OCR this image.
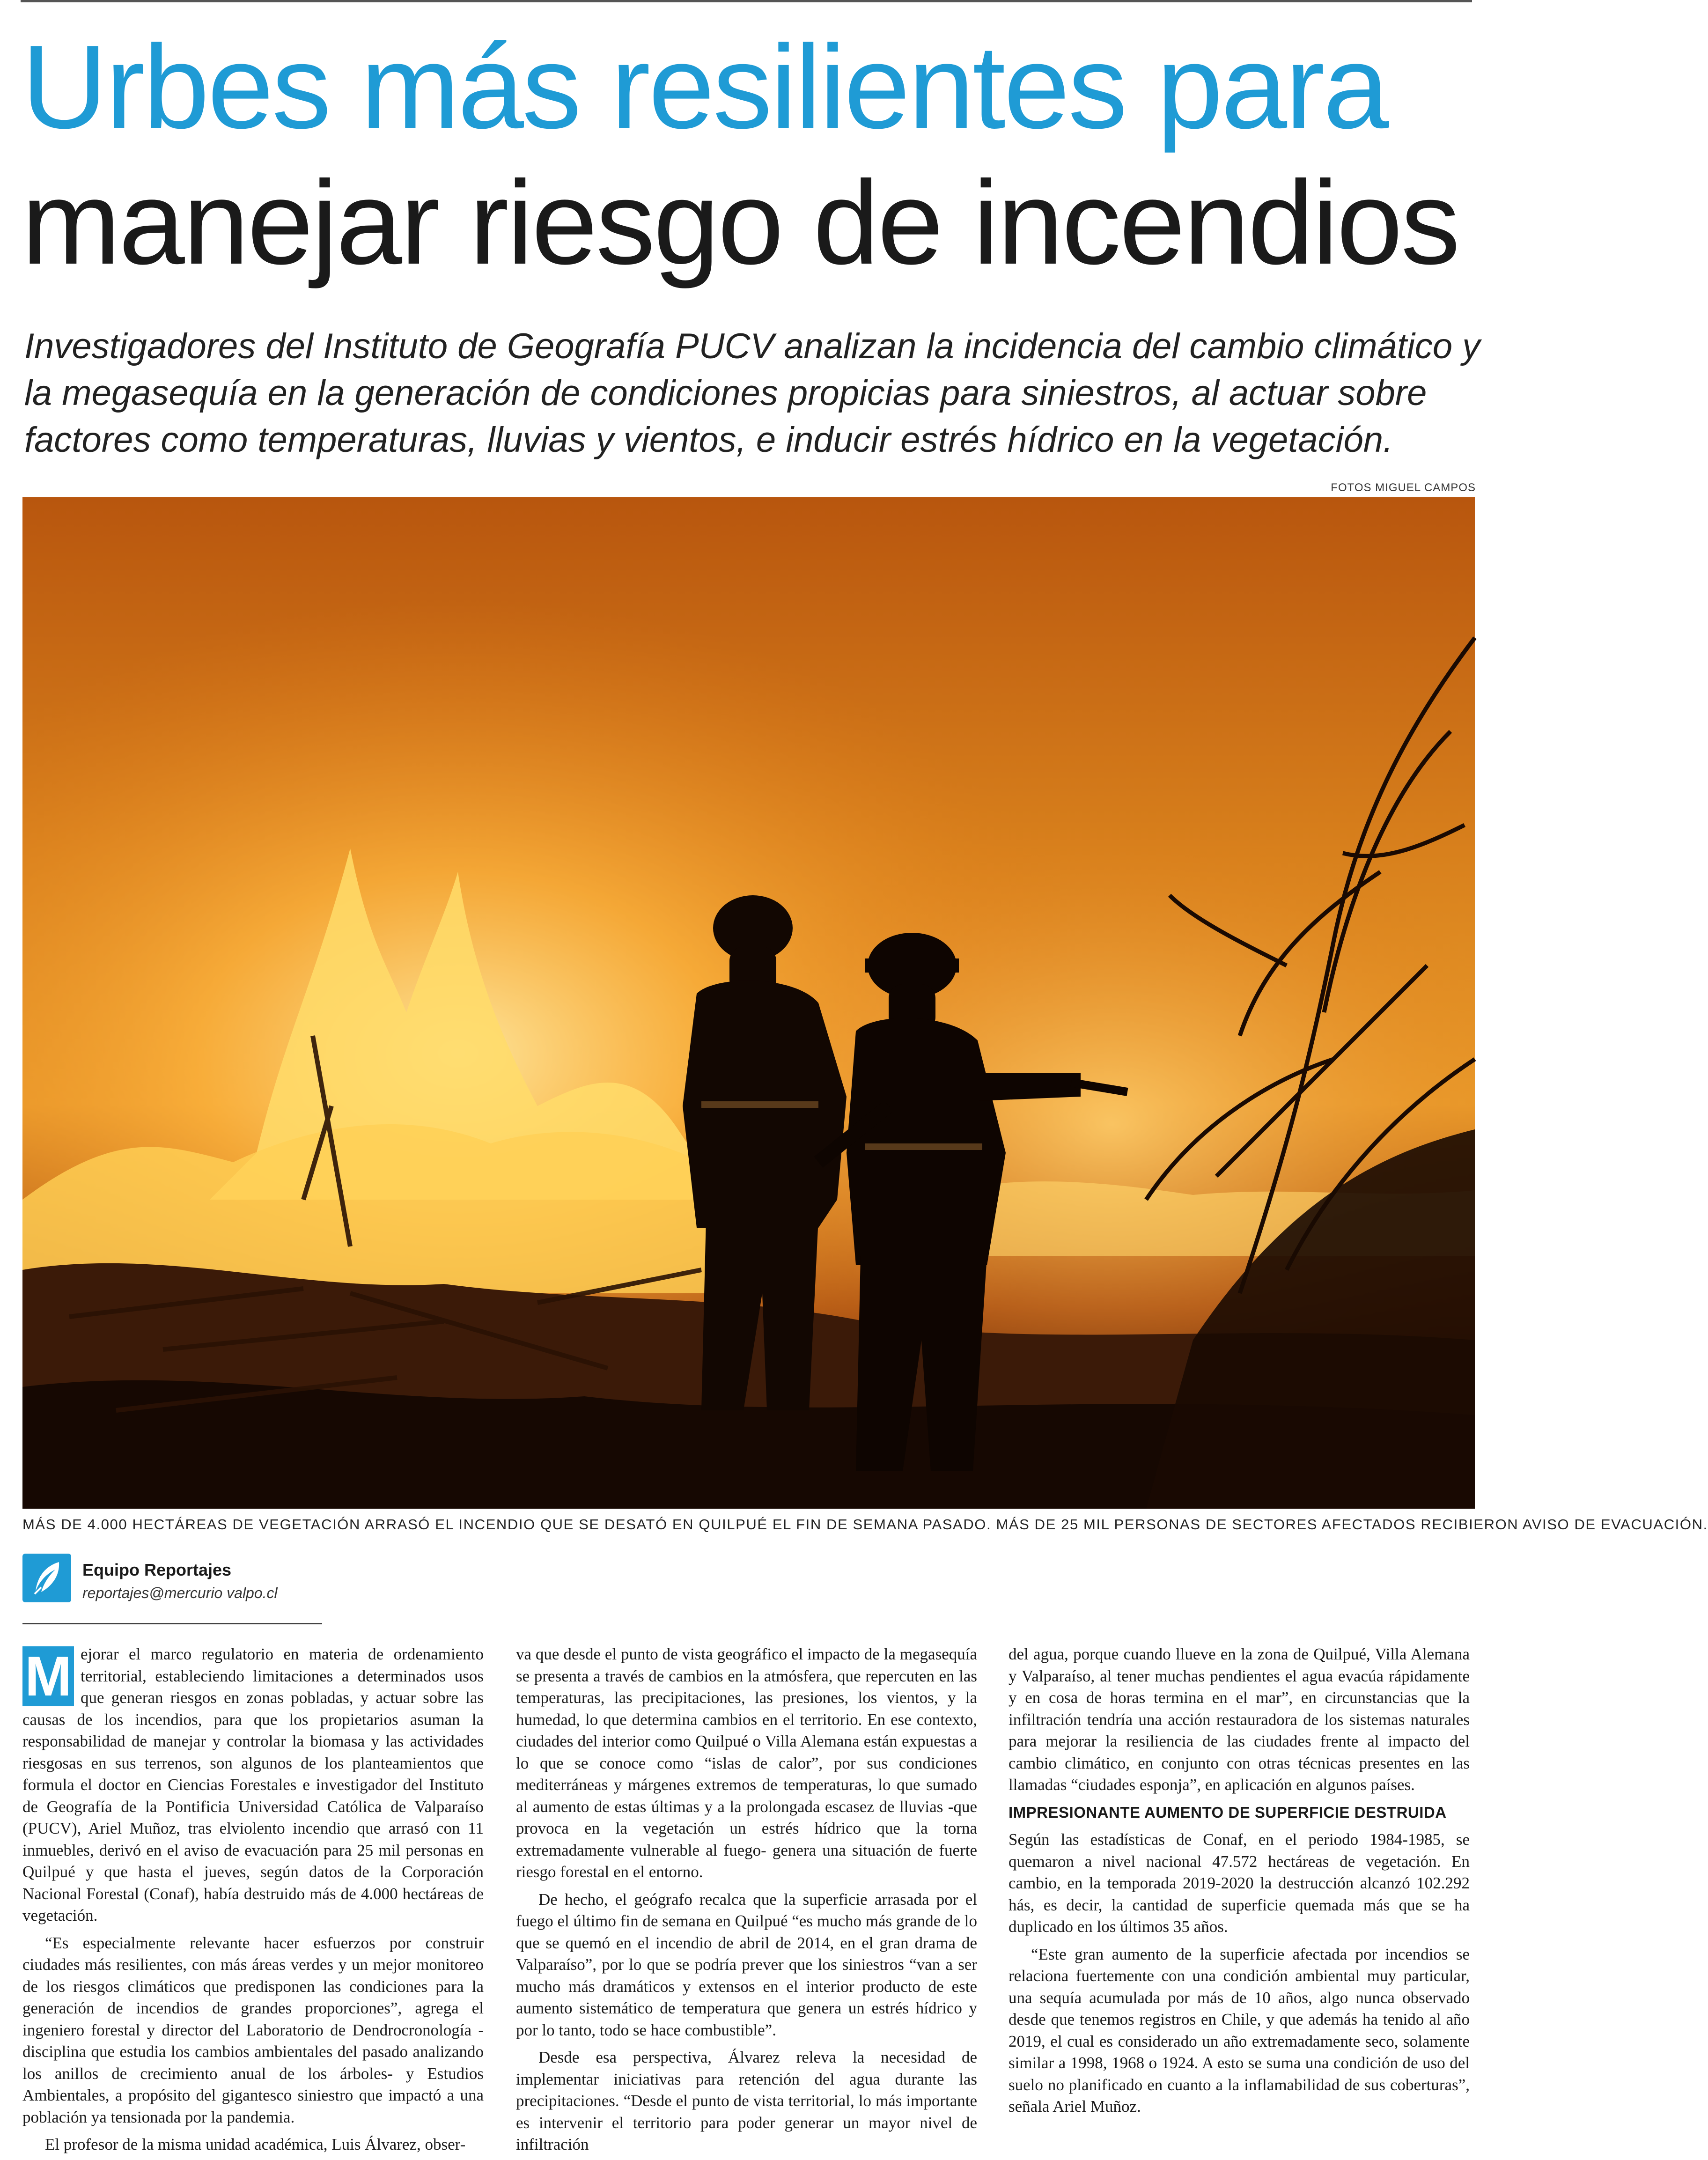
Urbes más resilientes para
manejar riesgo de incendios
Investigadores del Instituto de Geografía PUCV analizan la incidencia del cambio climático y la megasequía en la generación de condiciones propicias para siniestros, al actuar sobre factores como temperaturas, lluvias y vientos, e inducir estrés hídrico en la vegetación.
FOTOS MIGUEL CAMPOS
MÁS DE 4.000 HECTÁREAS DE VEGETACIÓN ARRASÓ EL INCENDIO QUE SE DESATÓ EN QUILPUÉ EL FIN DE SEMANA PASADO. MÁS DE 25 MIL PERSONAS DE SECTORES AFECTADOS RECIBIERON AVISO DE EVACUACIÓN.
Equipo Reportajes
reportajes@mercurio valpo.cl

M ejorar el marco regulatorio en materia de ordenamiento territorial, estableciendo limitaciones a determinados usos que generan riesgos en zonas pobladas, y actuar sobre las causas de los incendios, para que los propietarios asuman la responsabilidad de manejar y controlar la biomasa y las actividades riesgosas en sus terrenos, son algunos de los planteamientos que formula el doctor en Ciencias Forestales e investigador del Instituto de Geografía de la Pontificia Universidad Católica de Valparaíso (PUCV), Ariel Muñoz, tras elviolento incendio que arrasó con 11 inmuebles, derivó en el aviso de evacuación para 25 mil personas en Quilpué y que hasta el jueves, según datos de la Corporación Nacional Forestal (Conaf), había destruido más de 4.000 hectáreas de vegetación.

“Es especialmente relevante hacer esfuerzos por construir ciudades más resilientes, con más áreas verdes y un mejor monitoreo de los riesgos climáticos que predisponen las condiciones para la generación de incendios de grandes proporciones”, agrega el ingeniero forestal y director del Laboratorio de Dendrocronología -disciplina que estudia los cambios ambientales del pasado analizando los anillos de crecimiento anual de los árboles- y Estudios Ambientales, a propósito del gigantesco siniestro que impactó a una población ya tensionada por la pandemia.

El profesor de la misma unidad académica, Luis Álvarez, obser-

va que desde el punto de vista geográfico el impacto de la megasequía se presenta a través de cambios en la atmósfera, que repercuten en las temperaturas, las precipitaciones, las presiones, los vientos, y la humedad, lo que determina cambios en el territorio. En ese contexto, ciudades del interior como Quilpué o Villa Alemana están expuestas a lo que se conoce como “islas de calor”, por sus condiciones mediterráneas y márgenes extremos de temperaturas, lo que sumado al aumento de estas últimas y a la prolongada escasez de lluvias -que provoca en la vegetación un estrés hídrico que la torna extremadamente vulnerable al fuego- genera una situación de fuerte riesgo forestal en el entorno.

De hecho, el geógrafo recalca que la superficie arrasada por el fuego el último fin de semana en Quilpué “es mucho más grande de lo que se quemó en el incendio de abril de 2014, en el gran drama de Valparaíso”, por lo que se podría prever que los siniestros “van a ser mucho más dramáticos y extensos en el interior producto de este aumento sistemático de temperatura que genera un estrés hídrico y por lo tanto, todo se hace combustible”.

Desde esa perspectiva, Álvarez releva la necesidad de implementar iniciativas para retención del agua durante las precipitaciones. “Desde el punto de vista territorial, lo más importante es intervenir el territorio para poder generar un mayor nivel de infiltración

del agua, porque cuando llueve en la zona de Quilpué, Villa Alemana y Valparaíso, al tener muchas pendientes el agua evacúa rápidamente y en cosa de horas termina en el mar”, en circunstancias que la infiltración tendría una acción restauradora de los sistemas naturales para mejorar la resiliencia de las ciudades frente al impacto del cambio climático, en conjunto con otras técnicas presentes en las llamadas “ciudades esponja”, en aplicación en algunos países.

IMPRESIONANTE AUMENTO DE SUPERFICIE DESTRUIDA

Según las estadísticas de Conaf, en el periodo 1984-1985, se quemaron a nivel nacional 47.572 hectáreas de vegetación. En cambio, en la temporada 2019-2020 la destrucción alcanzó 102.292 hás, es decir, la cantidad de superficie quemada más que se ha duplicado en los últimos 35 años.

“Este gran aumento de la superficie afectada por incendios se relaciona fuertemente con una condición ambiental muy particular, una sequía acumulada por más de 10 años, algo nunca observado desde que tenemos registros en Chile, y que además ha tenido al año 2019, el cual es considerado un año extremadamente seco, solamente similar a 1998, 1968 o 1924. A esto se suma una condición de uso del suelo no planificado en cuanto a la inflamabilidad de sus coberturas”, señala Ariel Muñoz.
